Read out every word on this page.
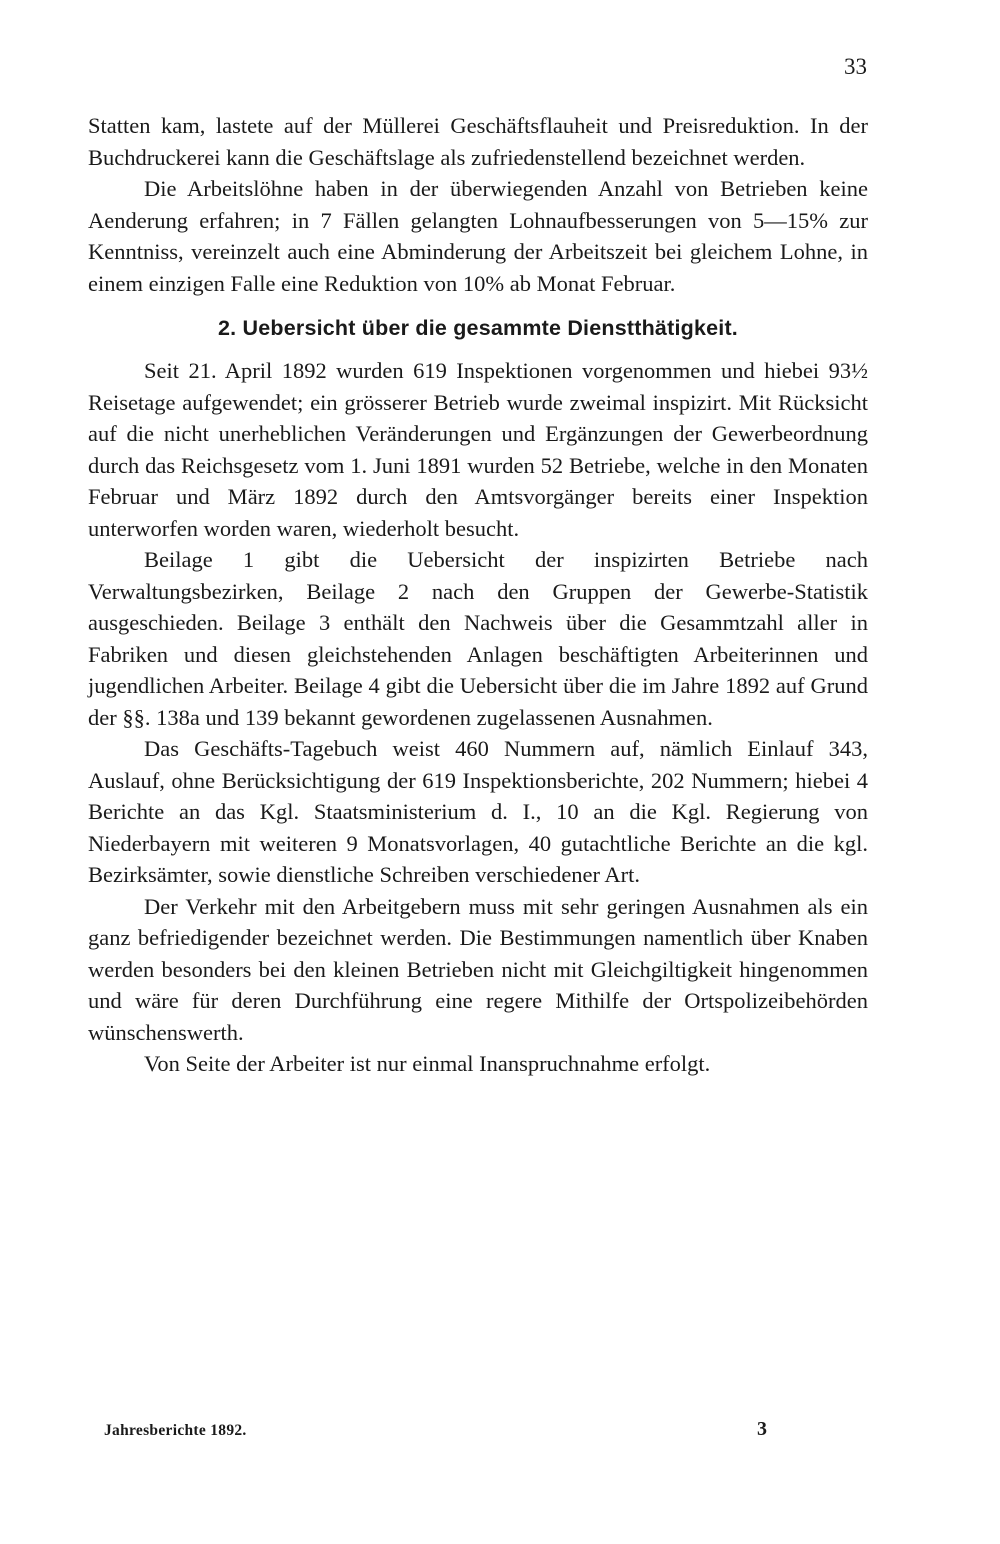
33

Statten kam, lastete auf der Müllerei Geschäftsflauheit und Preisreduktion. In der Buchdruckerei kann die Geschäftslage als zufriedenstellend bezeichnet werden.

Die Arbeitslöhne haben in der überwiegenden Anzahl von Betrieben keine Aenderung erfahren; in 7 Fällen gelangten Lohnaufbesserungen von 5—15% zur Kenntniss, vereinzelt auch eine Abminderung der Arbeitszeit bei gleichem Lohne, in einem einzigen Falle eine Reduktion von 10% ab Monat Februar.

2. Uebersicht über die gesammte Dienstthätigkeit.

Seit 21. April 1892 wurden 619 Inspektionen vorgenommen und hiebei 93½ Reisetage aufgewendet; ein grösserer Betrieb wurde zweimal inspizirt. Mit Rücksicht auf die nicht unerheblichen Veränderungen und Ergänzungen der Gewerbeordnung durch das Reichsgesetz vom 1. Juni 1891 wurden 52 Betriebe, welche in den Monaten Februar und März 1892 durch den Amtsvorgänger bereits einer Inspektion unterworfen worden waren, wiederholt besucht.

Beilage 1 gibt die Uebersicht der inspizirten Betriebe nach Verwaltungsbezirken, Beilage 2 nach den Gruppen der Gewerbe-Statistik ausgeschieden. Beilage 3 enthält den Nachweis über die Gesammtzahl aller in Fabriken und diesen gleichstehenden Anlagen beschäftigten Arbeiterinnen und jugendlichen Arbeiter. Beilage 4 gibt die Uebersicht über die im Jahre 1892 auf Grund der §§. 138a und 139 bekannt gewordenen zugelassenen Ausnahmen.

Das Geschäfts-Tagebuch weist 460 Nummern auf, nämlich Einlauf 343, Auslauf, ohne Berücksichtigung der 619 Inspektionsberichte, 202 Nummern; hiebei 4 Berichte an das Kgl. Staatsministerium d. I., 10 an die Kgl. Regierung von Niederbayern mit weiteren 9 Monatsvorlagen, 40 gutachtliche Berichte an die kgl. Bezirksämter, sowie dienstliche Schreiben verschiedener Art.

Der Verkehr mit den Arbeitgebern muss mit sehr geringen Ausnahmen als ein ganz befriedigender bezeichnet werden. Die Bestimmungen namentlich über Knaben werden besonders bei den kleinen Betrieben nicht mit Gleichgiltigkeit hingenommen und wäre für deren Durchführung eine regere Mithilfe der Ortspolizeibehörden wünschenswerth.

Von Seite der Arbeiter ist nur einmal Inanspruchnahme erfolgt.

Jahresberichte 1892.	3
